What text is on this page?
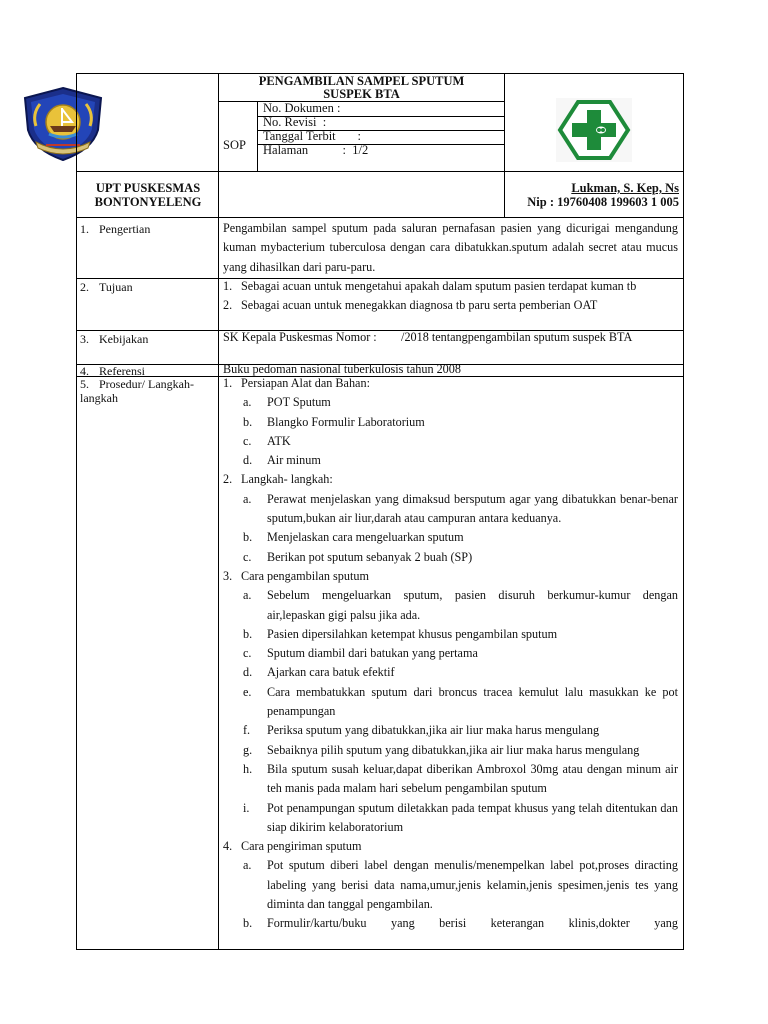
PENGAMBILAN SAMPEL SPUTUM
SUSPEK BTA
SOP
No. Dokumen :
No. Revisi :
Tanggal Terbit :
Halaman	:  1/2
UPT PUSKESMAS
BONTONYELENG
Lukman, S. Kep, Ns
Nip : 19760408 199603 1 005
1. Pengertian	Pengambilan sampel sputum pada saluran pernafasan pasien yang dicurigai mengandung kuman mybacterium tuberculosa dengan cara dibatukkan.sputum adalah secret atau mucus yang dihasilkan dari paru-paru.
2. Tujuan	1. Sebagai acuan untuk mengetahui apakah dalam sputum pasien terdapat kuman tb
2. Sebagai acuan untuk menegakkan diagnosa tb paru serta pemberian OAT
3. Kebijakan	SK Kepala Puskesmas Nomor :        /2018 tentangpengambilan sputum suspek BTA
4. Referensi	Buku pedoman nasional tuberkulosis tahun 2008
5. Prosedur/ Langkah-
langkah
1. Persiapan Alat dan Bahan:
a. POT Sputum
b. Blangko Formulir Laboratorium
c. ATK
d. Air minum
2. Langkah- langkah:
a. Perawat menjelaskan yang dimaksud bersputum agar yang dibatukkan benar-benar sputum,bukan air liur,darah atau campuran antara keduanya.
b. Menjelaskan cara mengeluarkan sputum
c. Berikan pot sputum sebanyak 2 buah (SP)
3. Cara pengambilan sputum
a. Sebelum mengeluarkan sputum, pasien disuruh berkumur-kumur dengan air,lepaskan gigi palsu jika ada.
b. Pasien dipersilahkan ketempat khusus pengambilan sputum
c. Sputum diambil dari batukan yang pertama
d. Ajarkan cara batuk efektif
e. Cara membatukkan sputum dari broncus tracea kemulut lalu masukkan ke pot penampungan
f. Periksa sputum yang dibatukkan,jika air liur maka harus mengulang
g. Sebaiknya pilih sputum yang dibatukkan,jika air liur maka harus mengulang
h. Bila sputum susah keluar,dapat diberikan Ambroxol 30mg atau dengan minum air teh manis pada malam hari sebelum pengambilan sputum
i. Pot penampungan sputum diletakkan pada tempat khusus yang telah ditentukan dan siap dikirim kelaboratorium
4. Cara pengiriman sputum
a. Pot sputum diberi label dengan menulis/menempelkan label pot,proses diracting labeling yang berisi data nama,umur,jenis kelamin,jenis spesimen,jenis tes yang diminta dan tanggal pengambilan.
b. Formulir/kartu/buku yang berisi keterangan klinis,dokter yang
